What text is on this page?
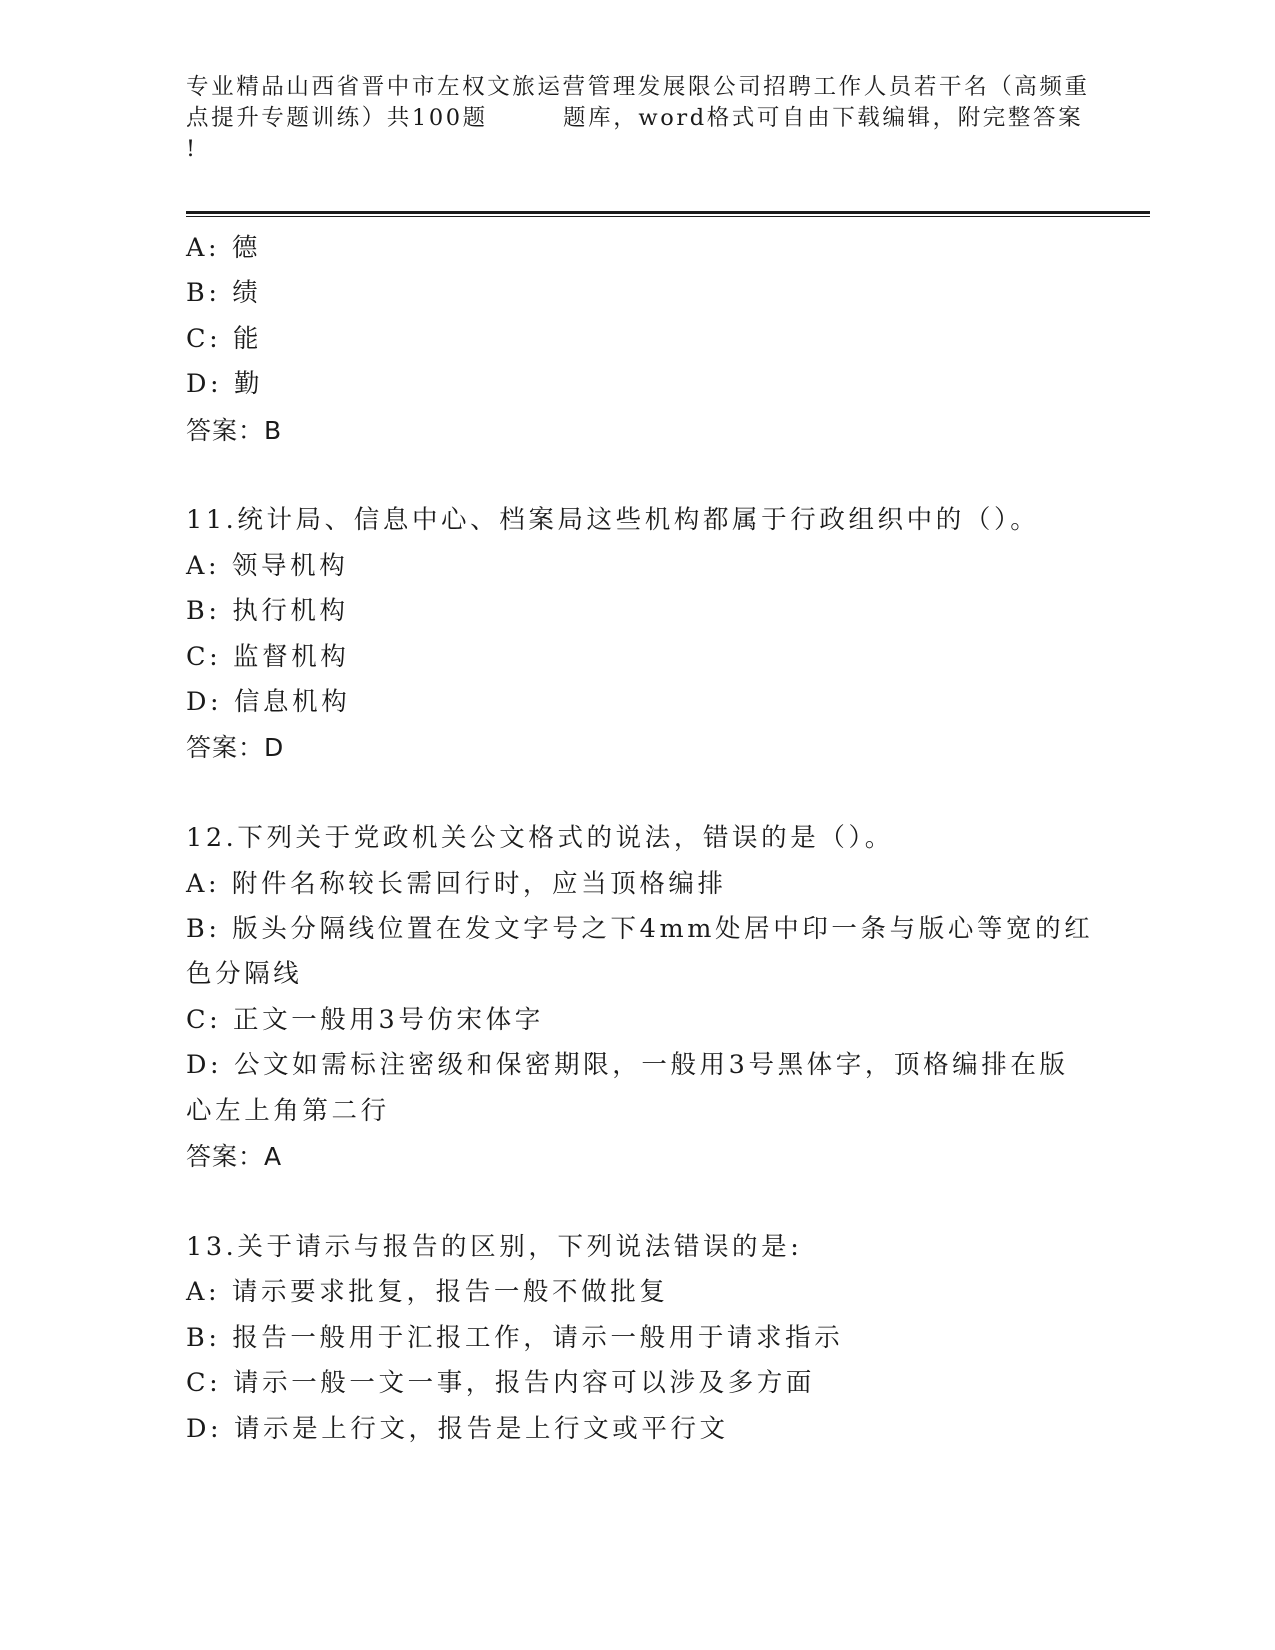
专业精品山西省晋中市左权文旅运营管理发展限公司招聘工作人员若干名（高频重
点提升专题训练）共100题　　　题库，word格式可自由下载编辑，附完整答案
!
A: 德
B: 绩
C: 能
D: 勤
答案：B
11.统计局、信息中心、档案局这些机构都属于行政组织中的（）。
A: 领导机构
B: 执行机构
C: 监督机构
D: 信息机构
答案：D
12.下列关于党政机关公文格式的说法，错误的是（）。
A: 附件名称较长需回行时，应当顶格编排
B: 版头分隔线位置在发文字号之下4mm处居中印一条与版心等宽的红
色分隔线
C: 正文一般用3号仿宋体字
D: 公文如需标注密级和保密期限，一般用3号黑体字，顶格编排在版
心左上角第二行
答案：A
13.关于请示与报告的区别，下列说法错误的是:
A: 请示要求批复，报告一般不做批复
B: 报告一般用于汇报工作，请示一般用于请求指示
C: 请示一般一文一事，报告内容可以涉及多方面
D: 请示是上行文，报告是上行文或平行文
